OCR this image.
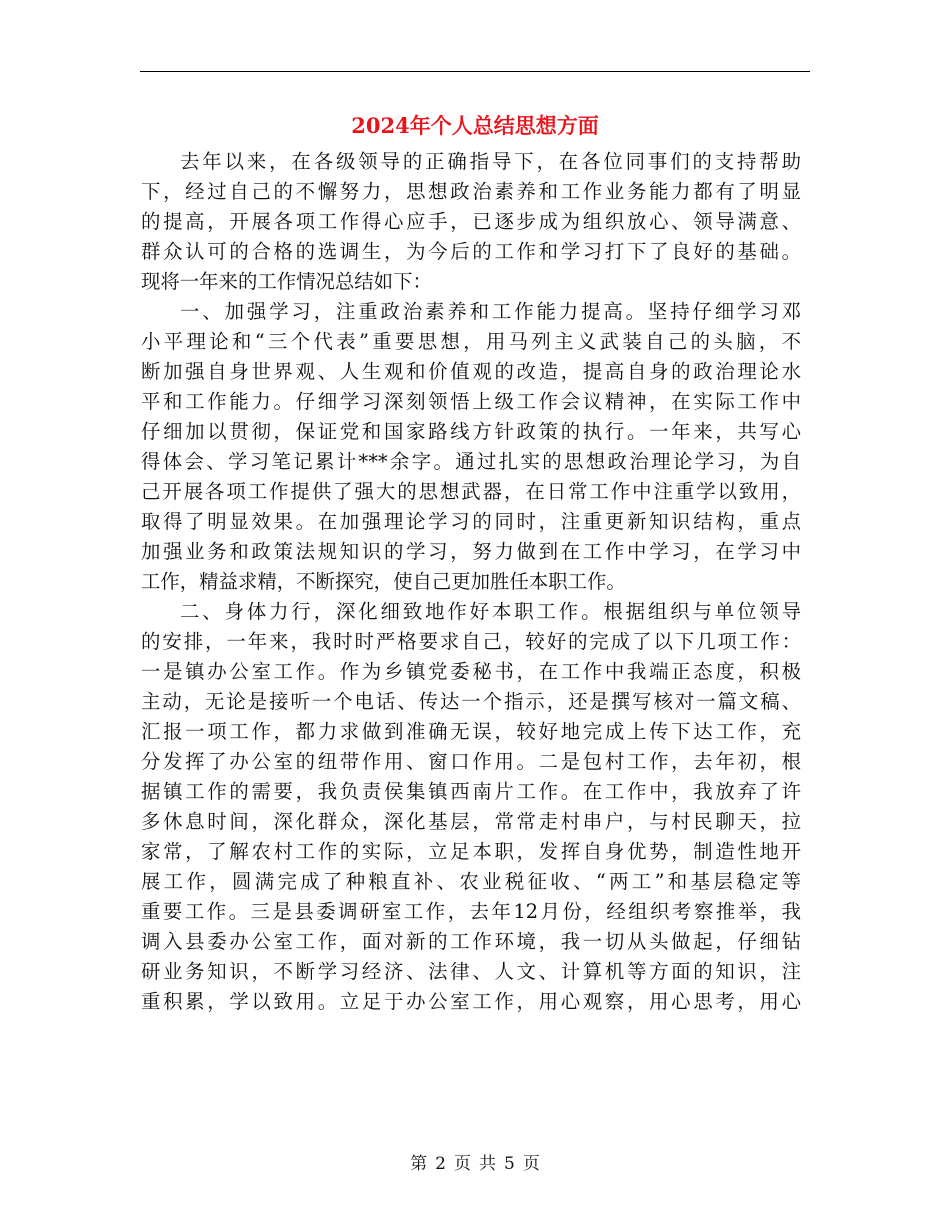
2024年个人总结思想方面
去年以来，在各级领导的正确指导下，在各位同事们的支持帮助
下，经过自己的不懈努力，思想政治素养和工作业务能力都有了明显
的提高，开展各项工作得心应手，已逐步成为组织放心、领导满意、
群众认可的合格的选调生，为今后的工作和学习打下了良好的基础。
现将一年来的工作情况总结如下：
一、加强学习，注重政治素养和工作能力提高。坚持仔细学习邓
小平理论和“三个代表”重要思想，用马列主义武装自己的头脑，不
断加强自身世界观、人生观和价值观的改造，提高自身的政治理论水
平和工作能力。仔细学习深刻领悟上级工作会议精神，在实际工作中
仔细加以贯彻，保证党和国家路线方针政策的执行。一年来，共写心
得体会、学习笔记累计***余字。通过扎实的思想政治理论学习，为自
己开展各项工作提供了强大的思想武器，在日常工作中注重学以致用，
取得了明显效果。在加强理论学习的同时，注重更新知识结构，重点
加强业务和政策法规知识的学习，努力做到在工作中学习，在学习中
工作，精益求精，不断探究，使自己更加胜任本职工作。
二、身体力行，深化细致地作好本职工作。根据组织与单位领导
的安排，一年来，我时时严格要求自己，较好的完成了以下几项工作：
一是镇办公室工作。作为乡镇党委秘书，在工作中我端正态度，积极
主动，无论是接听一个电话、传达一个指示，还是撰写核对一篇文稿、
汇报一项工作，都力求做到准确无误，较好地完成上传下达工作，充
分发挥了办公室的纽带作用、窗口作用。二是包村工作，去年初，根
据镇工作的需要，我负责侯集镇西南片工作。在工作中，我放弃了许
多休息时间，深化群众，深化基层，常常走村串户，与村民聊天，拉
家常，了解农村工作的实际，立足本职，发挥自身优势，制造性地开
展工作，圆满完成了种粮直补、农业税征收、“两工”和基层稳定等
重要工作。三是县委调研室工作，去年12月份，经组织考察推举，我
调入县委办公室工作，面对新的工作环境，我一切从头做起，仔细钻
研业务知识，不断学习经济、法律、人文、计算机等方面的知识，注
重积累，学以致用。立足于办公室工作，用心观察，用心思考，用心
第 2 页 共 5 页
